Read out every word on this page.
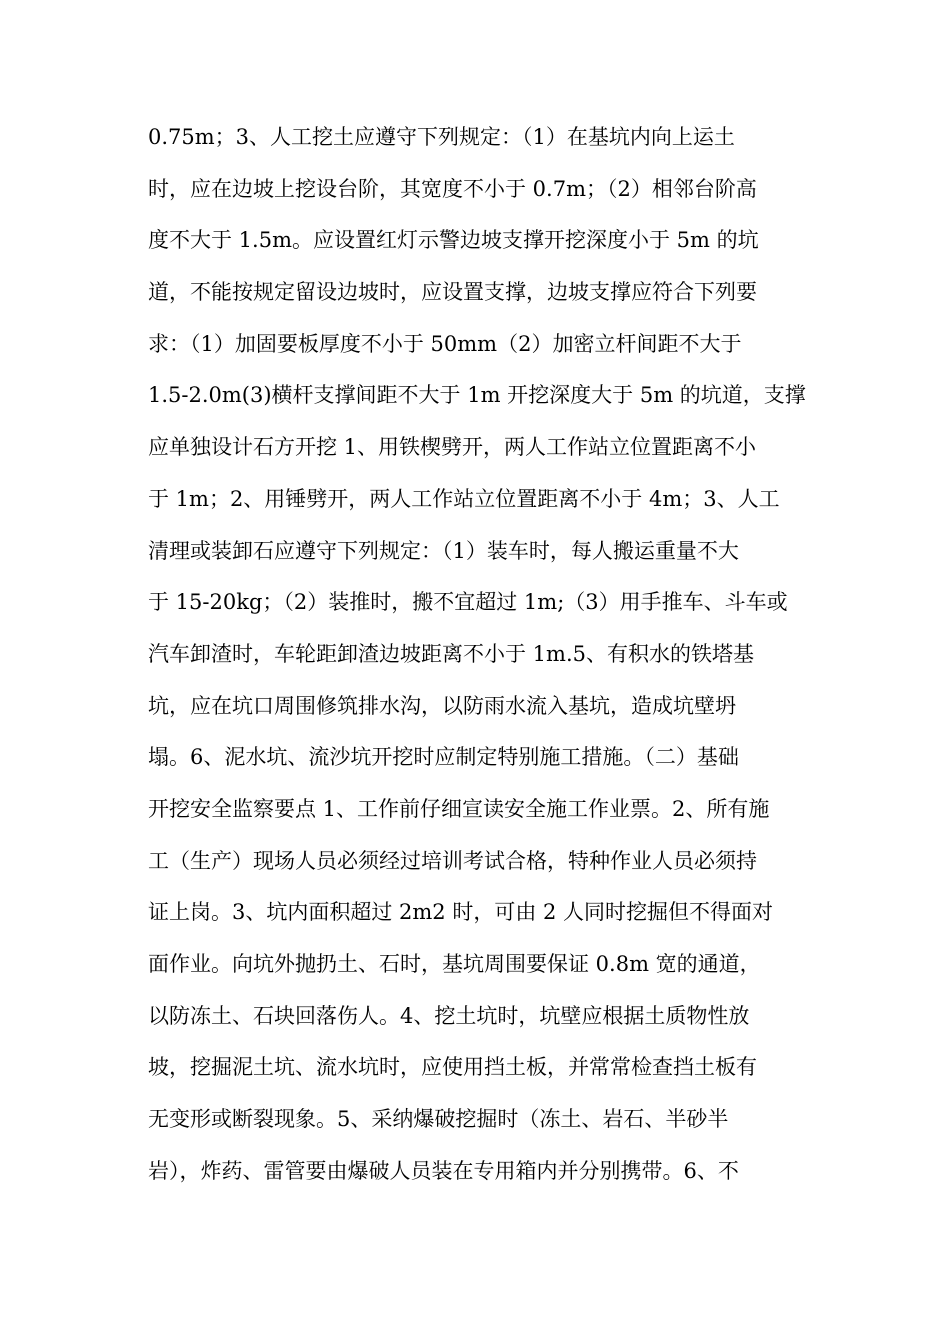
0.75m；3、人工挖土应遵守下列规定：（1）在基坑内向上运土
时，应在边坡上挖设台阶，其宽度不小于 0.7m；（2）相邻台阶高
度不大于 1.5m。应设置红灯示警边坡支撑开挖深度小于 5m 的坑
道，不能按规定留设边坡时，应设置支撑，边坡支撑应符合下列要
求：（1）加固要板厚度不小于 50mm（2）加密立杆间距不大于
1.5-2.0m(3)横杆支撑间距不大于 1m 开挖深度大于 5m 的坑道，支撑
应单独设计石方开挖 1、用铁楔劈开，两人工作站立位置距离不小
于 1m；2、用锤劈开，两人工作站立位置距离不小于 4m；3、人工
清理或装卸石应遵守下列规定：（1）装车时，每人搬运重量不大
于 15-20kg；（2）装推时，搬不宜超过 1m;（3）用手推车、斗车或
汽车卸渣时，车轮距卸渣边坡距离不小于 1m.5、有积水的铁塔基
坑，应在坑口周围修筑排水沟，以防雨水流入基坑，造成坑壁坍
塌。6、泥水坑、流沙坑开挖时应制定特别施工措施。（二）基础
开挖安全监察要点 1、工作前仔细宣读安全施工作业票。2、所有施
工（生产）现场人员必须经过培训考试合格，特种作业人员必须持
证上岗。3、坑内面积超过 2m2 时，可由 2 人同时挖掘但不得面对
面作业。向坑外抛扔土、石时，基坑周围要保证 0.8m 宽的通道，
以防冻土、石块回落伤人。4、挖土坑时，坑壁应根据土质物性放
坡，挖掘泥土坑、流水坑时，应使用挡土板，并常常检查挡土板有
无变形或断裂现象。5、采纳爆破挖掘时（冻土、岩石、半砂半
岩），炸药、雷管要由爆破人员装在专用箱内并分别携带。6、不
